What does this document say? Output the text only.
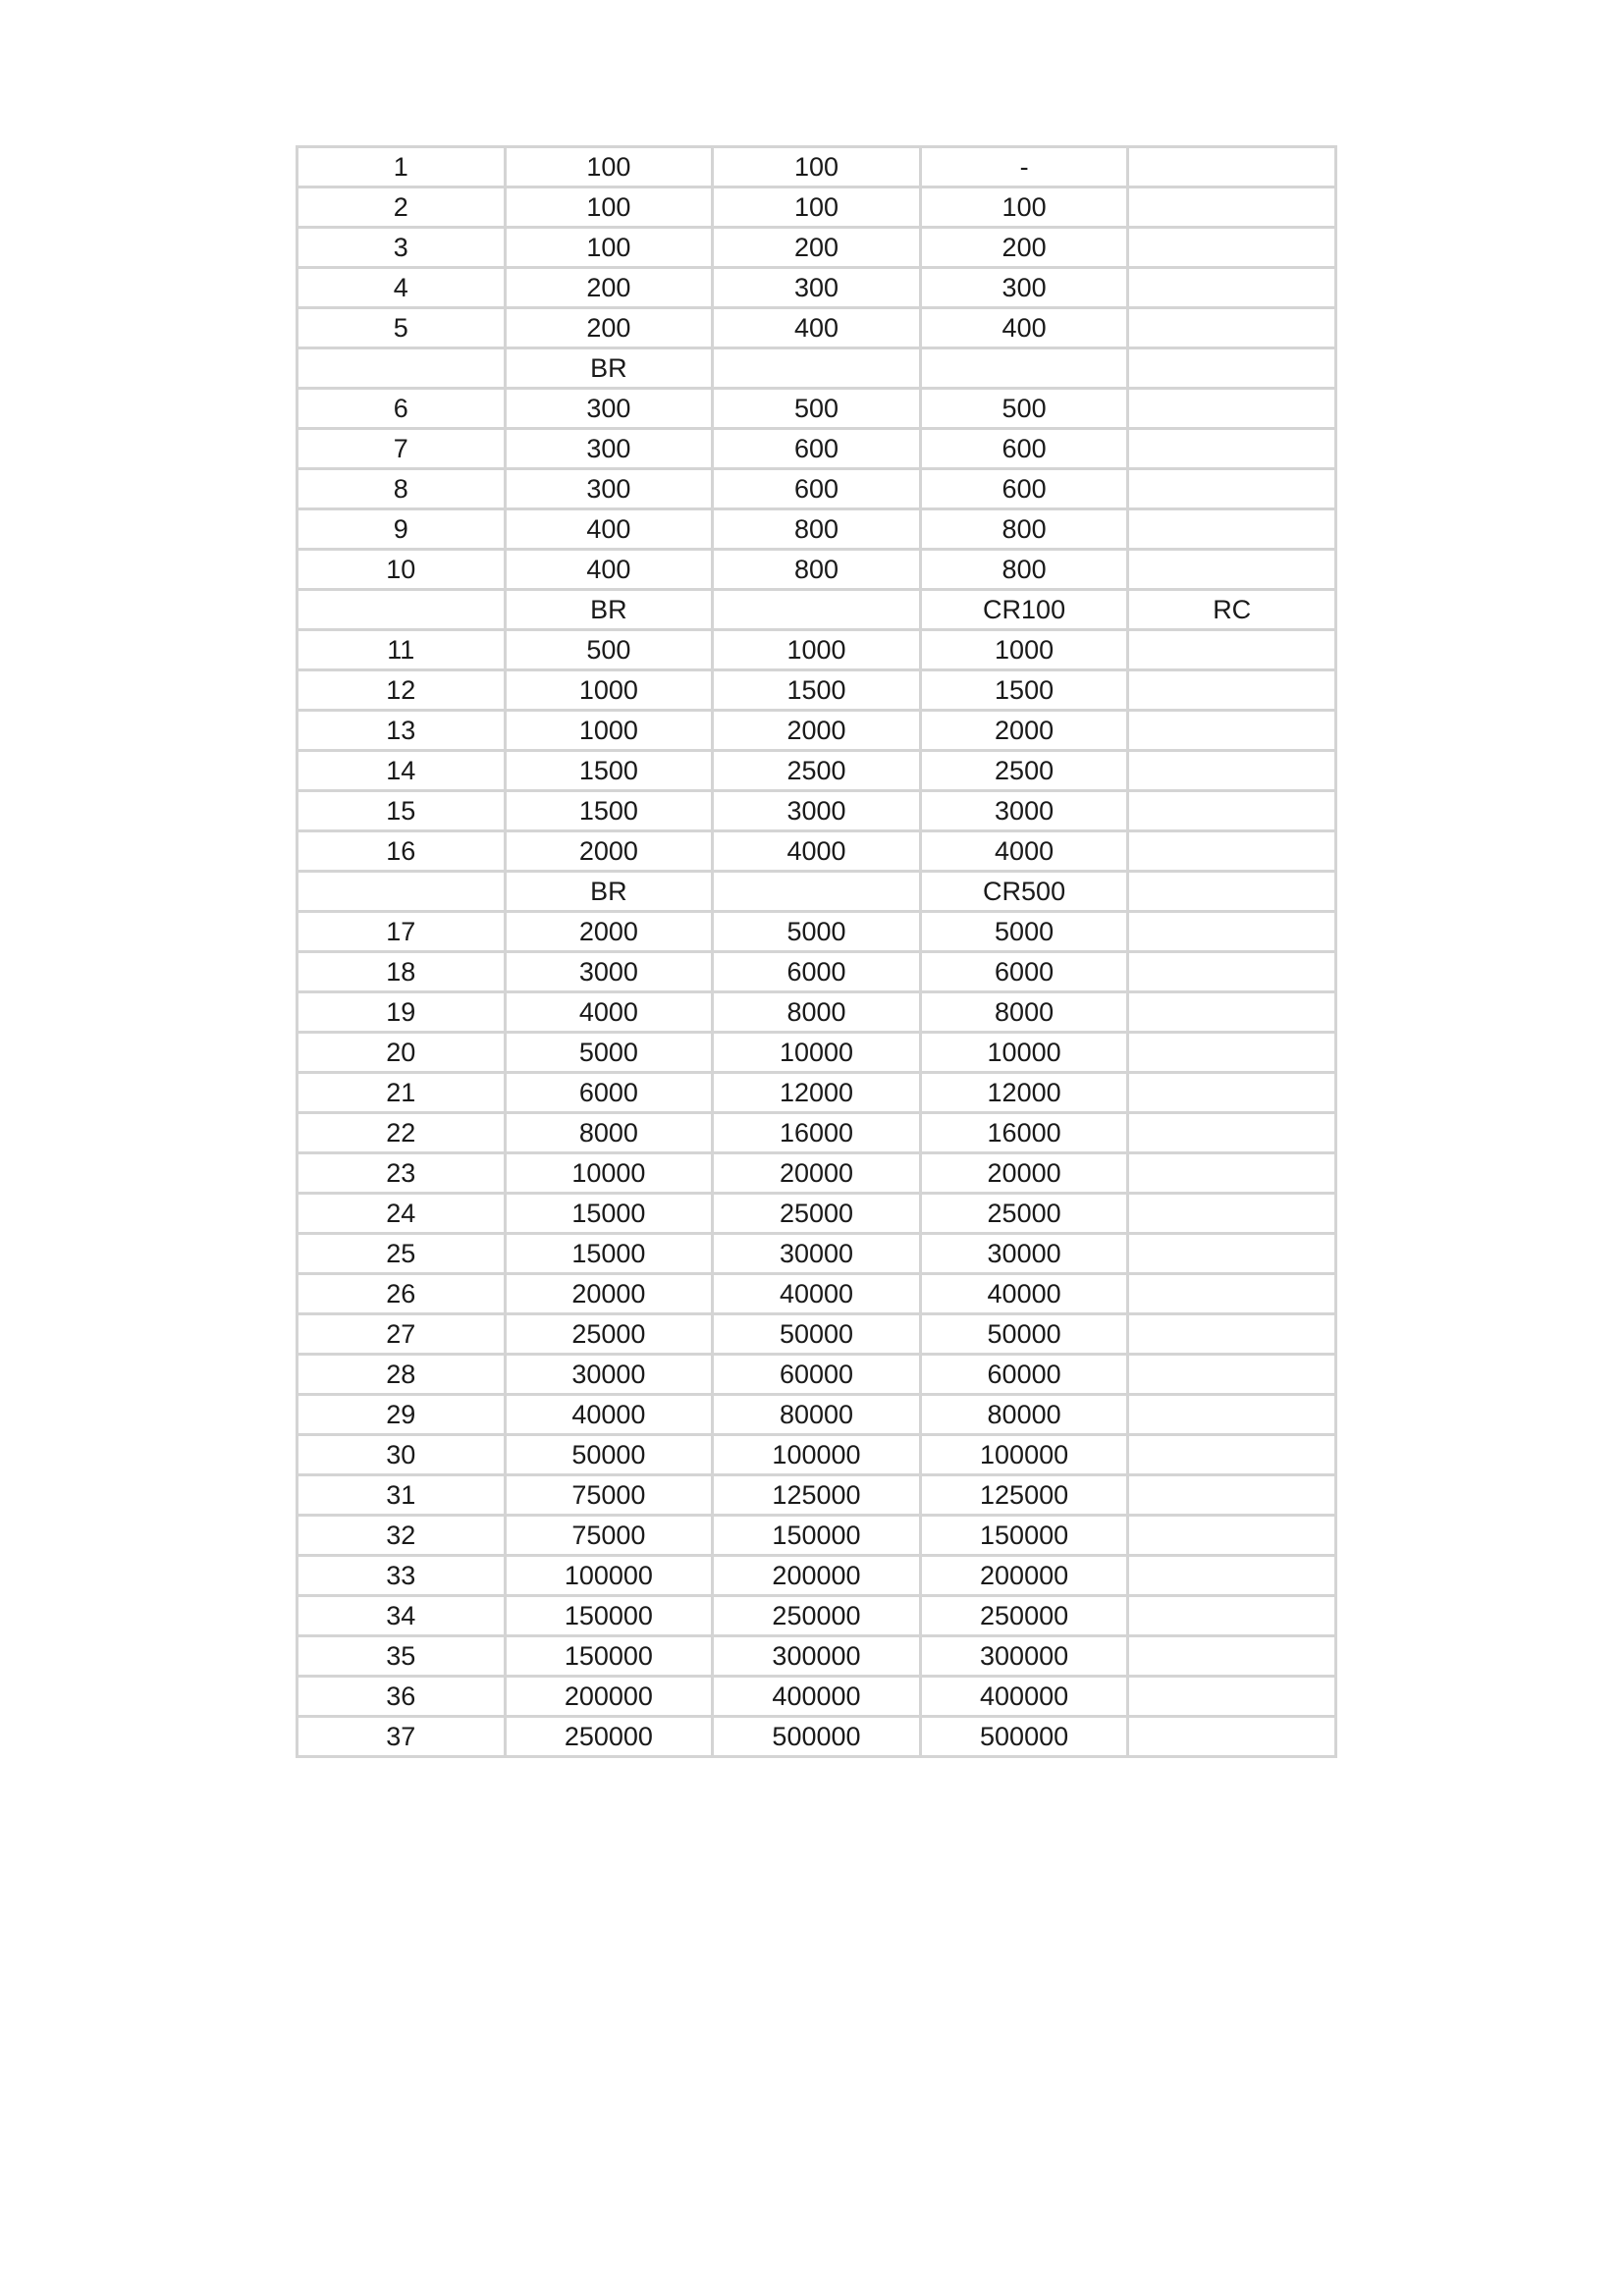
1	100	100	-	
2	100	100	100	
3	100	200	200	
4	200	300	300	
5	200	400	400	
	BR			
6	300	500	500	
7	300	600	600	
8	300	600	600	
9	400	800	800	
10	400	800	800	
	BR		CR100	RC
11	500	1000	1000	
12	1000	1500	1500	
13	1000	2000	2000	
14	1500	2500	2500	
15	1500	3000	3000	
16	2000	4000	4000	
	BR		CR500	
17	2000	5000	5000	
18	3000	6000	6000	
19	4000	8000	8000	
20	5000	10000	10000	
21	6000	12000	12000	
22	8000	16000	16000	
23	10000	20000	20000	
24	15000	25000	25000	
25	15000	30000	30000	
26	20000	40000	40000	
27	25000	50000	50000	
28	30000	60000	60000	
29	40000	80000	80000	
30	50000	100000	100000	
31	75000	125000	125000	
32	75000	150000	150000	
33	100000	200000	200000	
34	150000	250000	250000	
35	150000	300000	300000	
36	200000	400000	400000	
37	250000	500000	500000	
